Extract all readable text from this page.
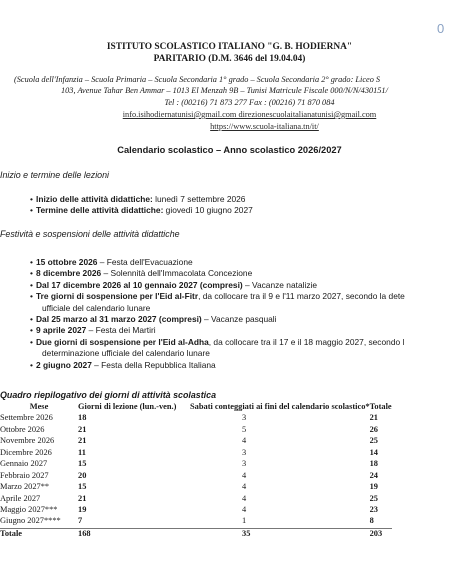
0
ISTITUTO SCOLASTICO ITALIANO "G. B. HODIERNA"
PARITARIO (D.M. 3646 del 19.04.04)
(Scuola dell'Infanzia – Scuola Primaria – Scuola Secondaria 1° grado – Scuola Secondaria 2° grado: Liceo S
103, Avenue Tahar Ben Ammar – 1013 El Menzah 9B – Tunisi Matricule Fiscale 000/N/N/430151/
Tel : (00216) 71 873 277 Fax : (00216) 71 870 084
info.isihodiernatunisi@gmail.com direzionescuolaitalianatunisi@gmail.com
https://www.scuola-italiana.tn/it/
Calendario scolastico – Anno scolastico 2026/2027
Inizio e termine delle lezioni
• Inizio delle attività didattiche: lunedì 7 settembre 2026
• Termine delle attività didattiche: giovedì 10 giugno 2027
Festività e sospensioni delle attività didattiche
• 15 ottobre 2026 – Festa dell'Evacuazione
• 8 dicembre 2026 – Solennità dell'Immacolata Concezione
• Dal 17 dicembre 2026 al 10 gennaio 2027 (compresi) – Vacanze natalizie
• Tre giorni di sospensione per l'Eid al-Fitr, da collocare tra il 9 e l'11 marzo 2027, secondo la dete
ufficiale del calendario lunare
• Dal 25 marzo al 31 marzo 2027 (compresi) – Vacanze pasquali
• 9 aprile 2027 – Festa dei Martiri
• Due giorni di sospensione per l'Eid al-Adha, da collocare tra il 17 e il 18 maggio 2027, secondo l
determinazione ufficiale del calendario lunare
• 2 giugno 2027 – Festa della Repubblica Italiana
Quadro riepilogativo dei giorni di attività scolastica
Mese	Giorni di lezione (lun.-ven.)	Sabati conteggiati ai fini del calendario scolastico*	Totale
Settembre 2026	18	3	21
Ottobre 2026	21	5	26
Novembre 2026	21	4	25
Dicembre 2026	11	3	14
Gennaio 2027	15	3	18
Febbraio 2027	20	4	24
Marzo 2027**	15	4	19
Aprile 2027	21	4	25
Maggio 2027***	19	4	23
Giugno 2027****	7	1	8
Totale	168	35	203
